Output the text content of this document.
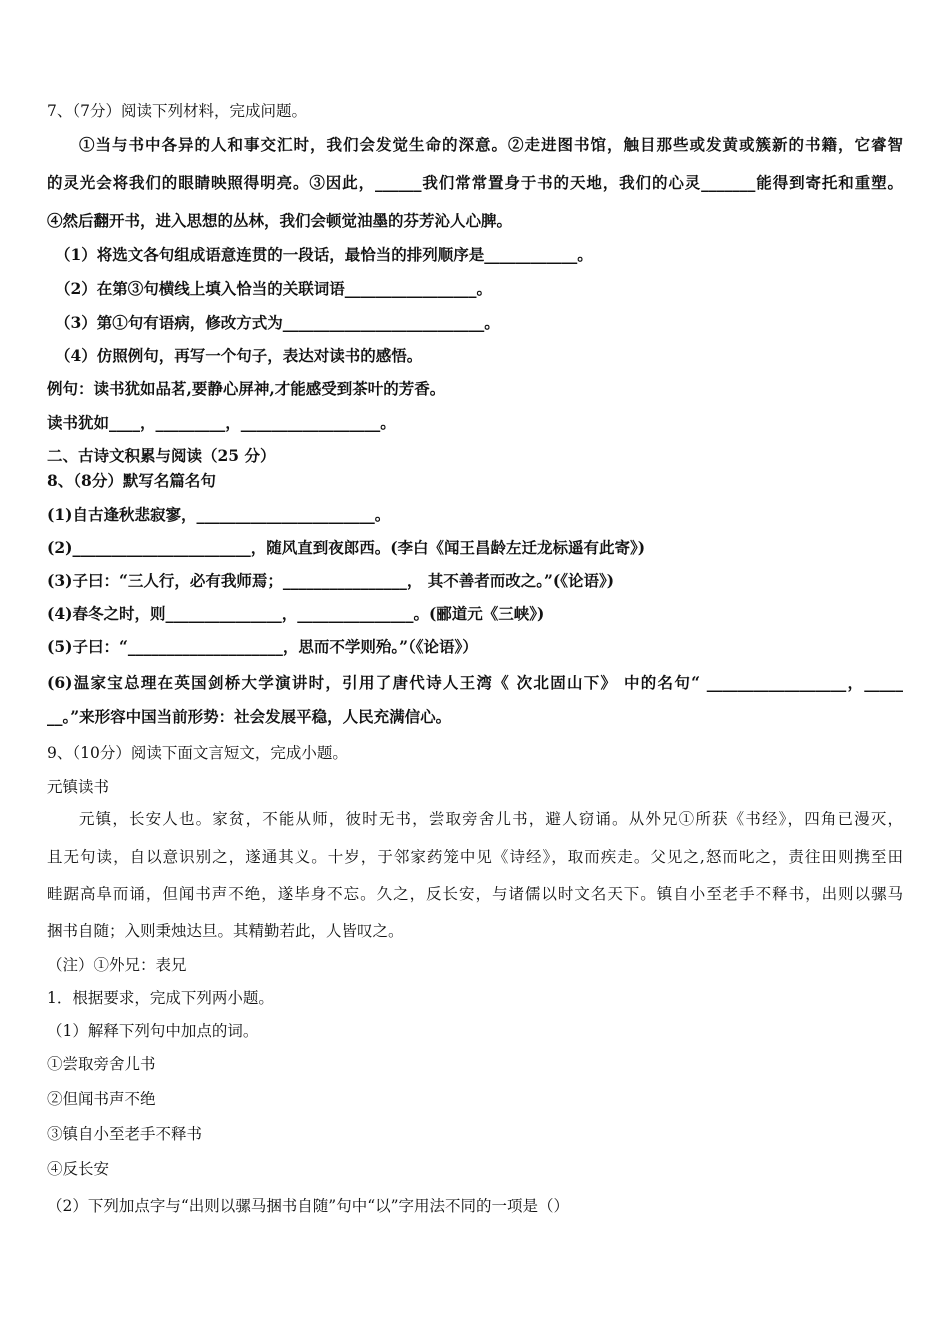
7、（7分）阅读下列材料，完成问题。
①当与书中各异的人和事交汇时，我们会发觉生命的深意。②走进图书馆，触目那些或发黄或簇新的书籍，它睿智
的灵光会将我们的眼睛映照得明亮。③因此，______我们常常置身于书的天地，我们的心灵_______能得到寄托和重塑。
④然后翻开书，进入思想的丛林，我们会顿觉油墨的芬芳沁人心脾。
（1）将选文各句组成语意连贯的一段话，最恰当的排列顺序是____________。
（2）在第③句横线上填入恰当的关联词语_________________。
（3）第①句有语病，修改方式为__________________________。
（4）仿照例句，再写一个句子，表达对读书的感悟。
例句：读书犹如品茗,要静心屏神,才能感受到茶叶的芳香。
读书犹如____，_________，__________________。
二、古诗文积累与阅读（25 分）
8、（8分）默写名篇名句
(1)自古逢秋悲寂寥，_______________________。
(2)_______________________，随风直到夜郎西。(李白《闻王昌龄左迁龙标遥有此寄》)
(3)子曰：“三人行，必有我师焉；________________， 其不善者而改之。”(《论语》)
(4)春冬之时，则_______________，_______________。(郦道元《三峡》)
(5)子曰：“____________________，思而不学则殆。”（《论语》）
(6)温家宝总理在英国剑桥大学演讲时，引用了唐代诗人王湾《 次北固山下》 中的名句“ __________________，_____
__。”来形容中国当前形势：社会发展平稳，人民充满信心。
9、（10分）阅读下面文言短文，完成小题。
元镇读书
元镇，长安人也。家贫，不能从师，彼时无书，尝取旁舍儿书，避人窃诵。从外兄①所获《书经》，四角已漫灭，
且无句读，自以意识别之，遂通其义。十岁，于邻家药笼中见《诗经》，取而疾走。父见之,怒而叱之，责往田则携至田
畦踞高阜而诵，但闻书声不绝，遂毕身不忘。久之，反长安，与诸儒以时文名天下。镇自小至老手不释书，出则以骡马
捆书自随；入则秉烛达旦。其精勤若此，人皆叹之。
（注）①外兄：表兄
1．根据要求，完成下列两小题。
（1）解释下列句中加点的词。
①尝取旁舍儿书
②但闻书声不绝
③镇自小至老手不释书
④反长安
（2）下列加点字与“出则以骡马捆书自随”句中“以”字用法不同的一项是（）
